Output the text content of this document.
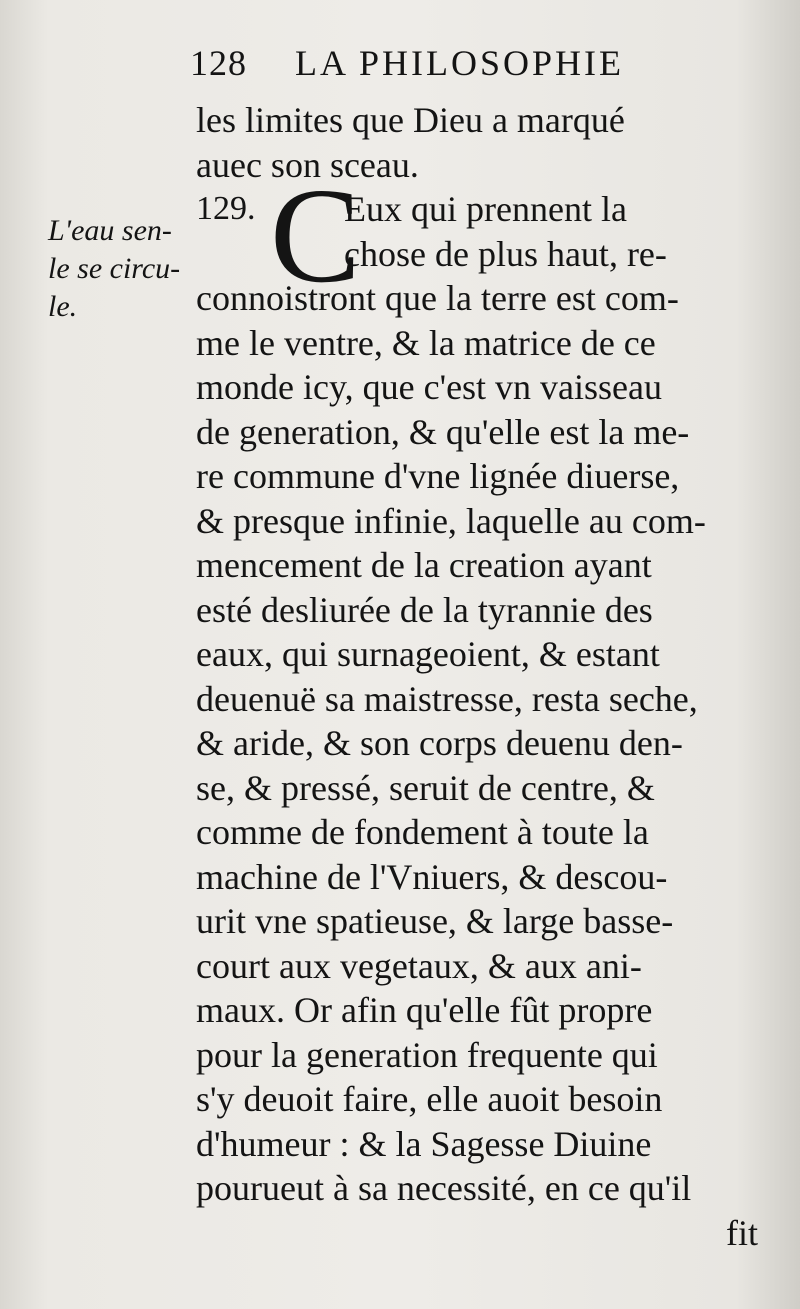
128 LA PHILOSOPHIE
L'eau sen-
le se circu-
le.
129. C
les limites que Dieu a marqué
auec son sceau.
Eux qui prennent la
chose de plus haut, re-
connoistront que la terre est com-
me le ventre, & la matrice de ce
monde icy, que c'est vn vaisseau
de generation, & qu'elle est la me-
re commune d'vne lignée diuerse,
& presque infinie, laquelle au com-
mencement de la creation ayant
esté desliurée de la tyrannie des
eaux, qui surnageoient, & estant
deuenuë sa maistresse, resta seche,
& aride, & son corps deuenu den-
se, & pressé, seruit de centre, &
comme de fondement à toute la
machine de l'Vniuers, & descou-
urit vne spatieuse, & large basse-
court aux vegetaux, & aux ani-
maux. Or afin qu'elle fût propre
pour la generation frequente qui
s'y deuoit faire, elle auoit besoin
d'humeur : & la Sagesse Diuine
pourueut à sa necessité, en ce qu'il
fit
